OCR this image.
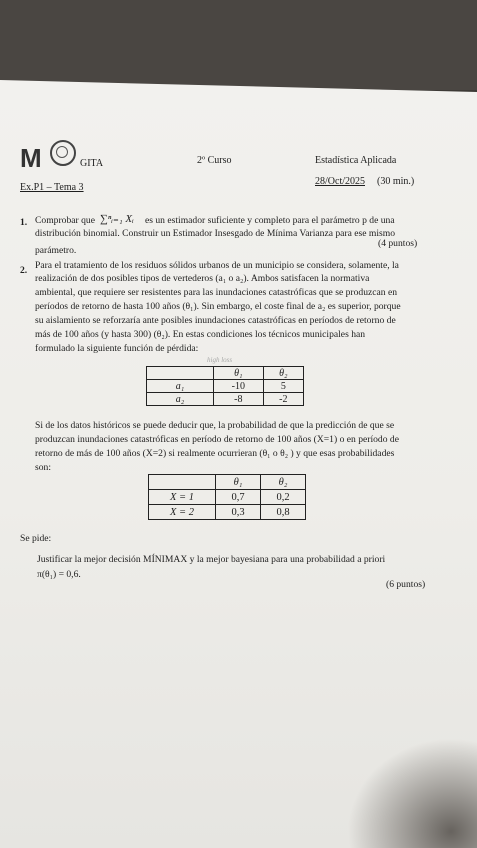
M	GITA	2º Curso	Estadística Aplicada
Ex.P1 – Tema 3
28/Oct/2025 (30 min.)
1. Comprobar que ∑ⁿᵢ₌₁ Xᵢ es un estimador suficiente y completo para el parámetro p de una
distribución binomial. Construir un Estimador Insesgado de Mínima Varianza para ese mismo
parámetro.
(4 puntos)
2. Para el tratamiento de los residuos sólidos urbanos de un municipio se considera, solamente, la
realización de dos posibles tipos de vertederos (a₁ o a₂). Ambos satisfacen la normativa
ambiental, que requiere ser resistentes para las inundaciones catastróficas que se produzcan en
períodos de retorno de hasta 100 años (θ₁). Sin embargo, el coste final de a₂ es superior, porque
su aislamiento se reforzaría ante posibles inundaciones catastróficas en períodos de retorno de
más de 100 años (y hasta 300) (θ₂). En estas condiciones los técnicos municipales han
formulado la siguiente función de pérdida:
high loss
	θ₁	θ₂
a₁	-10	5
a₂	-8	-2
Si de los datos históricos se puede deducir que, la probabilidad de que la predicción de que se
produzcan inundaciones catastróficas en período de retorno de 100 años (X=1) o en período de
retorno de más de 100 años (X=2) si realmente ocurrieran (θ₁ o θ₂ ) y que esas probabilidades
son:
	θ₁	θ₂
X = 1	0,7	0,2
X = 2	0,3	0,8
Se pide:
Justificar la mejor decisión MÍNIMAX y la mejor bayesiana para una probabilidad a priori
π(θ₁) = 0,6.
(6 puntos)
